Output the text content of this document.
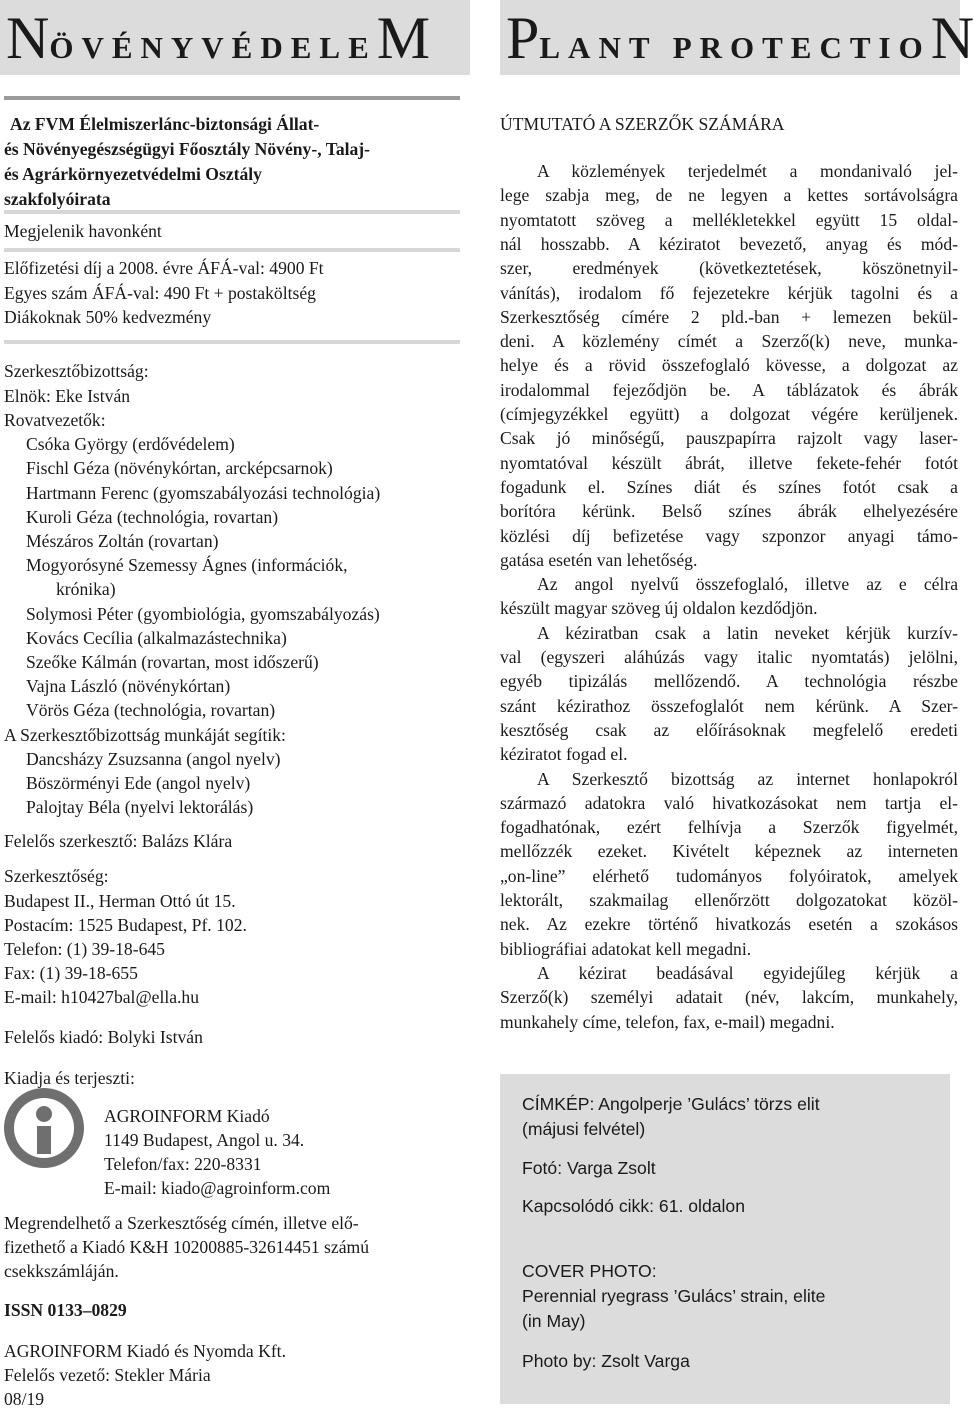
NÖVÉNYVÉDELEM PLANT PROTECTION
Az FVM Élelmiszerlánc-biztonsági Állat-
és Növényegészségügyi Főosztály Növény-, Talaj-
és Agrárkörnyezetvédelmi Osztály
szakfolyóirata
Megjelenik havonként
Előfizetési díj a 2008. évre ÁFÁ-val: 4900 Ft
Egyes szám ÁFÁ-val: 490 Ft + postaköltség
Diákoknak 50% kedvezmény
Szerkesztőbizottság:
Elnök: Eke István
Rovatvezetők:
Csóka György (erdővédelem)
Fischl Géza (növénykórtan, arcképcsarnok)
Hartmann Ferenc (gyomszabályozási technológia)
Kuroli Géza (technológia, rovartan)
Mészáros Zoltán (rovartan)
Mogyorósyné Szemessy Ágnes (információk,
krónika)
Solymosi Péter (gyombiológia, gyomszabályozás)
Kovács Cecília (alkalmazástechnika)
Szeőke Kálmán (rovartan, most időszerű)
Vajna László (növénykórtan)
Vörös Géza (technológia, rovartan)
A Szerkesztőbizottság munkáját segítik:
Dancsházy Zsuzsanna (angol nyelv)
Böszörményi Ede (angol nyelv)
Palojtay Béla (nyelvi lektorálás)
Felelős szerkesztő: Balázs Klára
Szerkesztőség:
Budapest II., Herman Ottó út 15.
Postacím: 1525 Budapest, Pf. 102.
Telefon: (1) 39-18-645
Fax: (1) 39-18-655
E-mail: h10427bal@ella.hu
Felelős kiadó: Bolyki István
Kiadja és terjeszti:
AGROINFORM Kiadó
1149 Budapest, Angol u. 34.
Telefon/fax: 220-8331
E-mail: kiado@agroinform.com
Megrendelhető a Szerkesztőség címén, illetve elő-
fizethető a Kiadó K&H 10200885-32614451 számú
csekkszámláján.
ISSN 0133–0829
AGROINFORM Kiadó és Nyomda Kft.
Felelős vezető: Stekler Mária
08/19
ÚTMUTATÓ A SZERZŐK SZÁMÁRA
A közlemények terjedelmét a mondanivaló jel-
lege szabja meg, de ne legyen a kettes sortávolságra
nyomtatott szöveg a mellékletekkel együtt 15 oldal-
nál hosszabb. A kéziratot bevezető, anyag és mód-
szer, eredmények (következtetések, köszönetnyil-
vánítás), irodalom fő fejezetekre kérjük tagolni és a
Szerkesztőség címére 2 pld.-ban + lemezen bekül-
deni. A közlemény címét a Szerző(k) neve, munka-
helye és a rövid összefoglaló kövesse, a dolgozat az
irodalommal fejeződjön be. A táblázatok és ábrák
(címjegyzékkel együtt) a dolgozat végére kerüljenek.
Csak jó minőségű, pauszpapírra rajzolt vagy laser-
nyomtatóval készült ábrát, illetve fekete-fehér fotót
fogadunk el. Színes diát és színes fotót csak a
borítóra kérünk. Belső színes ábrák elhelyezésére
közlési díj befizetése vagy szponzor anyagi támo-
gatása esetén van lehetőség.
Az angol nyelvű összefoglaló, illetve az e célra
készült magyar szöveg új oldalon kezdődjön.
A kéziratban csak a latin neveket kérjük kurzív-
val (egyszeri aláhúzás vagy italic nyomtatás) jelölni,
egyéb tipizálás mellőzendő. A technológia részbe
szánt kézirathoz összefoglalót nem kérünk. A Szer-
kesztőség csak az előírásoknak megfelelő eredeti
kéziratot fogad el.
A Szerkesztő bizottság az internet honlapokról
származó adatokra való hivatkozásokat nem tartja el-
fogadhatónak, ezért felhívja a Szerzők figyelmét,
mellőzzék ezeket. Kivételt képeznek az interneten
„on-line” elérhető tudományos folyóiratok, amelyek
lektorált, szakmailag ellenőrzött dolgozatokat közöl-
nek. Az ezekre történő hivatkozás esetén a szokásos
bibliográfiai adatokat kell megadni.
A kézirat beadásával egyidejűleg kérjük a
Szerző(k) személyi adatait (név, lakcím, munkahely,
munkahely címe, telefon, fax, e-mail) megadni.
CÍMKÉP: Angolperje ’Gulács’ törzs elit
(májusi felvétel)
Fotó: Varga Zsolt
Kapcsolódó cikk: 61. oldalon
COVER PHOTO:
Perennial ryegrass ’Gulács’ strain, elite
(in May)
Photo by: Zsolt Varga
